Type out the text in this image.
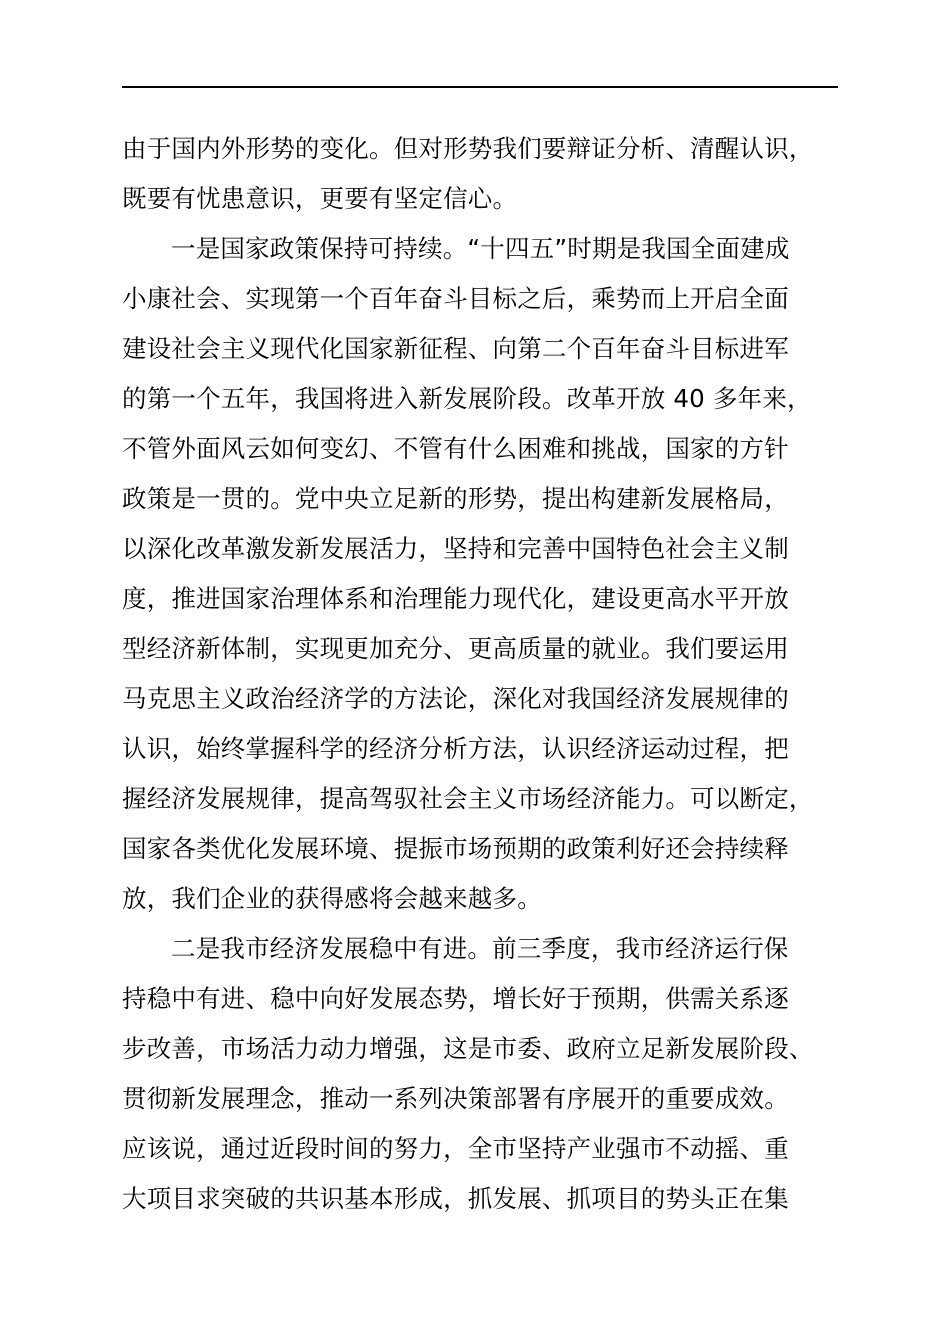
由于国内外形势的变化。但对形势我们要辩证分析、清醒认识，
既要有忧患意识，更要有坚定信心。
一是国家政策保持可持续。“十四五”时期是我国全面建成
小康社会、实现第一个百年奋斗目标之后，乘势而上开启全面
建设社会主义现代化国家新征程、向第二个百年奋斗目标进军
的第一个五年，我国将进入新发展阶段。改革开放 40 多年来，
不管外面风云如何变幻、不管有什么困难和挑战，国家的方针
政策是一贯的。党中央立足新的形势，提出构建新发展格局，
以深化改革激发新发展活力，坚持和完善中国特色社会主义制
度，推进国家治理体系和治理能力现代化，建设更高水平开放
型经济新体制，实现更加充分、更高质量的就业。我们要运用
马克思主义政治经济学的方法论，深化对我国经济发展规律的
认识，始终掌握科学的经济分析方法，认识经济运动过程，把
握经济发展规律，提高驾驭社会主义市场经济能力。可以断定，
国家各类优化发展环境、提振市场预期的政策利好还会持续释
放，我们企业的获得感将会越来越多。
二是我市经济发展稳中有进。前三季度，我市经济运行保
持稳中有进、稳中向好发展态势，增长好于预期，供需关系逐
步改善，市场活力动力增强，这是市委、政府立足新发展阶段、
贯彻新发展理念，推动一系列决策部署有序展开的重要成效。
应该说，通过近段时间的努力，全市坚持产业强市不动摇、重
大项目求突破的共识基本形成，抓发展、抓项目的势头正在集
